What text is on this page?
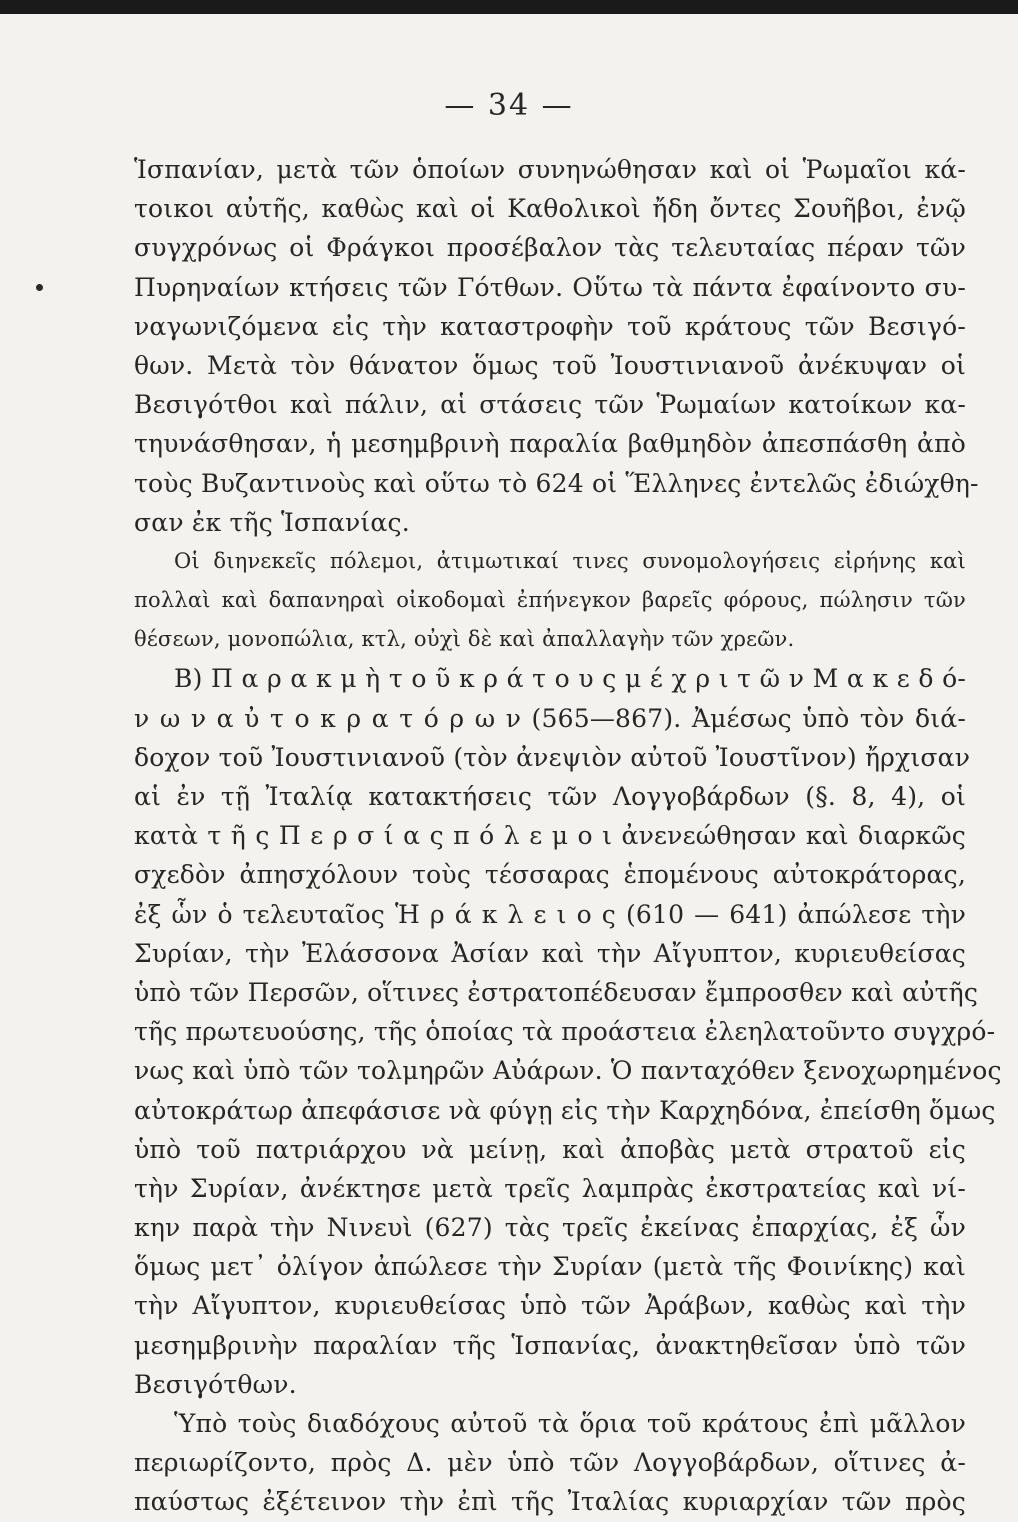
— 34 —
Ἱσπανίαν, μετὰ τῶν ὁποίων συνηνώθησαν καὶ οἱ Ῥωμαῖοι κά-
τοικοι αὐτῆς, καθὼς καὶ οἱ Καθολικοὶ ἤδη ὄντες Σουῆβοι, ἐνῷ
συγχρόνως οἱ Φράγκοι προσέβαλον τὰς τελευταίας πέραν τῶν
Πυρηναίων κτήσεις τῶν Γότθων. Οὕτω τὰ πάντα ἐφαίνοντο συ-
ναγωνιζόμενα εἰς τὴν καταστροφὴν τοῦ κράτους τῶν Βεσιγό-
θων. Μετὰ τὸν θάνατον ὅμως τοῦ Ἰουστινιανοῦ ἀνέκυψαν οἱ
Βεσιγότθοι καὶ πάλιν, αἱ στάσεις τῶν Ῥωμαίων κατοίκων κα-
τηυνάσθησαν, ἡ μεσημβρινὴ παραλία βαθμηδὸν ἀπεσπάσθη ἀπὸ
τοὺς Βυζαντινοὺς καὶ οὕτω τὸ 624 οἱ Ἕλληνες ἐντελῶς ἐδιώχθη-
σαν ἐκ τῆς Ἱσπανίας.
Οἱ διηνεκεῖς πόλεμοι, ἀτιμωτικαί τινες συνομολογήσεις εἰρήνης καὶ
πολλαὶ καὶ δαπανηραὶ οἰκοδομαὶ ἐπήνεγκον βαρεῖς φόρους, πώλησιν τῶν
θέσεων, μονοπώλια, κτλ, οὐχὶ δὲ καὶ ἀπαλλαγὴν τῶν χρεῶν.
Β) Π α ρ α κ μ ὴ τ ο ῦ κ ρ ά τ ο υ ς μ έ χ ρ ι τ ῶ ν Μ α κ ε δ ό-
ν ω ν α ὐ τ ο κ ρ α τ ό ρ ω ν (565—867). Ἀμέσως ὑπὸ τὸν διά-
δοχον τοῦ Ἰουστινιανοῦ (τὸν ἀνεψιὸν αὐτοῦ Ἰουστῖνον) ἤρχισαν
αἱ ἐν τῇ Ἰταλίᾳ κατακτήσεις τῶν Λογγοβάρδων (§. 8, 4), οἱ
κατὰ τ ῆ ς Π ε ρ σ ί α ς π ό λ ε μ ο ι ἀνενεώθησαν καὶ διαρκῶς
σχεδὸν ἀπησχόλουν τοὺς τέσσαρας ἑπομένους αὐτοκράτορας,
ἐξ ὧν ὁ τελευταῖος Ἡ ρ ά κ λ ε ι ο ς (610 — 641) ἀπώλεσε τὴν
Συρίαν, τὴν Ἐλάσσονα Ἀσίαν καὶ τὴν Αἴγυπτον, κυριευθείσας
ὑπὸ τῶν Περσῶν, οἵτινες ἐστρατοπέδευσαν ἔμπροσθεν καὶ αὐτῆς
τῆς πρωτευούσης, τῆς ὁποίας τὰ προάστεια ἐλεηλατοῦντο συγχρό-
νως καὶ ὑπὸ τῶν τολμηρῶν Αὐάρων. Ὁ πανταχόθεν ξενοχωρημένος
αὐτοκράτωρ ἀπεφάσισε νὰ φύγῃ εἰς τὴν Καρχηδόνα, ἐπείσθη ὅμως
ὑπὸ τοῦ πατριάρχου νὰ μείνῃ, καὶ ἀποβὰς μετὰ στρατοῦ εἰς
τὴν Συρίαν, ἀνέκτησε μετὰ τρεῖς λαμπρὰς ἐκστρατείας καὶ νί-
κην παρὰ τὴν Νινευὶ (627) τὰς τρεῖς ἐκείνας ἐπαρχίας, ἐξ ὧν
ὅμως μετ᾽ ὀλίγον ἀπώλεσε τὴν Συρίαν (μετὰ τῆς Φοινίκης) καὶ
τὴν Αἴγυπτον, κυριευθείσας ὑπὸ τῶν Ἀράβων, καθὼς καὶ τὴν
μεσημβρινὴν παραλίαν τῆς Ἱσπανίας, ἀνακτηθεῖσαν ὑπὸ τῶν
Βεσιγότθων.
Ὑπὸ τοὺς διαδόχους αὐτοῦ τὰ ὅρια τοῦ κράτους ἐπὶ μᾶλλον
περιωρίζοντο, πρὸς Δ. μὲν ὑπὸ τῶν Λογγοβάρδων, οἵτινες ἀ-
παύστως ἐξέτεινον τὴν ἐπὶ τῆς Ἰταλίας κυριαρχίαν τῶν πρὸς
